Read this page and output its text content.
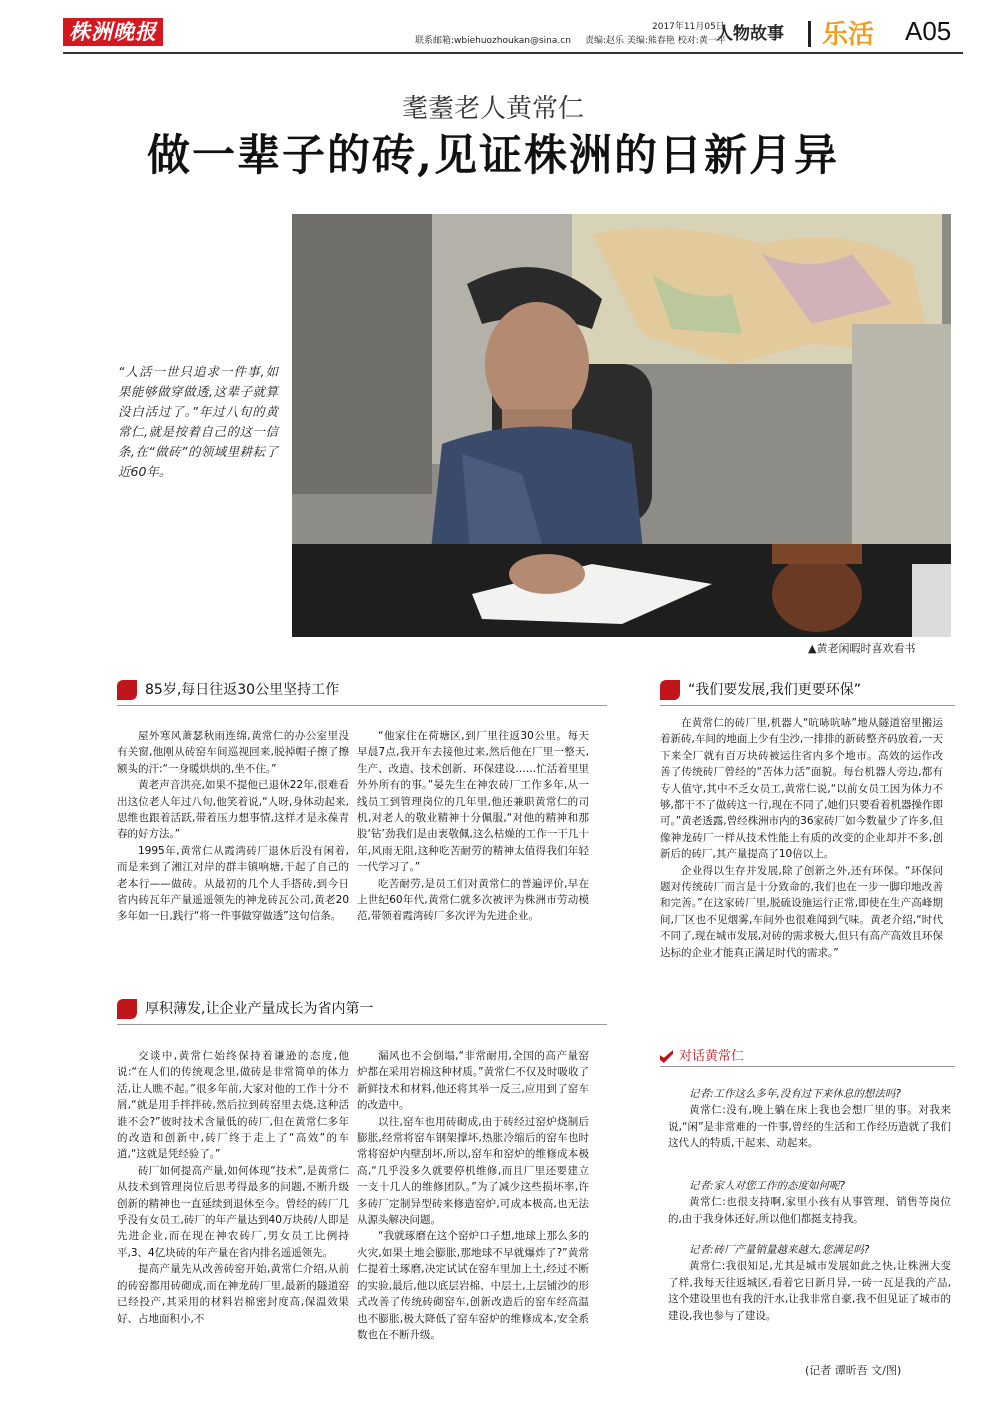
株洲晚报	联系邮箱:wbiehuozhoukan@sina.cn
2017年11月05日
责编:赵乐 美编:熊春艳 校对:黄一平
人物故事 乐活 A05
耄耋老人黄常仁
做一辈子的砖,见证株洲的日新月异
▲黄老闲暇时喜欢看书
“人活一世只追求一件事,如果能够做穿做透,这辈子就算没白活过了。”年过八旬的黄常仁,就是按着自己的这一信条,在“做砖”的领域里耕耘了近60年。
85岁,每日往返30公里坚持工作

屋外寒风萧瑟秋雨连绵,黄常仁的办公室里没有关窗,他刚从砖窑车间巡视回来,脱掉帽子擦了擦额头的汗:“一身暖烘烘的,坐不住。”

黄老声音洪亮,如果不提他已退休22年,很难看出这位老人年过八旬,他笑着说,“人呀,身体动起来,思维也跟着活跃,带着压力想事情,这样才是永葆青春的好方法。”

1995年,黄常仁从霞湾砖厂退休后没有闲着,而是来到了湘江对岸的群丰镇响塘,干起了自己的老本行——做砖。从最初的几个人手搭砖,到今日省内砖瓦年产量遥遥领先的神龙砖瓦公司,黄老20多年如一日,践行“将一件事做穿做透”这句信条。

“他家住在荷塘区,到厂里往返30公里。每天早晨7点,我开车去接他过来,然后他在厂里一整天,生产、改造、技术创新、环保建设……忙活着里里外外所有的事。”晏先生在神农砖厂工作多年,从一线员工到管理岗位的几年里,他还兼职黄常仁的司机,对老人的敬业精神十分佩服,“对他的精神和那股‘钻’劲我们是由衷敬佩,这么枯燥的工作一干几十年,风雨无阻,这种吃苦耐劳的精神太值得我们年轻一代学习了。”

吃苦耐劳,是员工们对黄常仁的普遍评价,早在上世纪60年代,黄常仁就多次被评为株洲市劳动模范,带领着霞湾砖厂多次评为先进企业。

“我们要发展,我们更要环保”

在黄常仁的砖厂里,机器人“吭哧吭哧”地从隧道窑里搬运着新砖,车间的地面上少有尘沙,一排排的新砖整齐码放着,一天下来全厂就有百万块砖被运往省内多个地市。高效的运作改善了传统砖厂曾经的“苦体力活”面貌。每台机器人旁边,都有专人值守,其中不乏女员工,黄常仁说,“以前女员工因为体力不够,都干不了做砖这一行,现在不同了,她们只要看着机器操作即可。”黄老透露,曾经株洲市内的36家砖厂如今数量少了许多,但像神龙砖厂一样从技术性能上有质的改变的企业却并不多,创新后的砖厂,其产量提高了10倍以上。

企业得以生存并发展,除了创新之外,还有环保。“环保问题对传统砖厂而言是十分致命的,我们也在一步一脚印地改善和完善。”在这家砖厂里,脱硫设施运行正常,即使在生产高峰期间,厂区也不见烟雾,车间外也很难闻到气味。黄老介绍,“时代不同了,现在城市发展,对砖的需求极大,但只有高产高效且环保达标的企业才能真正满足时代的需求。”

厚积薄发,让企业产量成长为省内第一

交谈中,黄常仁始终保持着谦逊的态度,他说:“在人们的传统观念里,做砖是非常简单的体力活,让人瞧不起。”很多年前,大家对他的工作十分不屑,“就是用手拌拌砖,然后拉到砖窑里去烧,这种活谁不会?”彼时技术含量低的砖厂,但在黄常仁多年的改造和创新中,砖厂终于走上了“高效”的车道,“这就是凭经验了。”

砖厂如何提高产量,如何体现“技术”,是黄常仁从技术到管理岗位后思考得最多的问题,不断升级创新的精神也一直延续到退休至今。曾经的砖厂几乎没有女员工,砖厂的年产量达到40万块砖/人即是先进企业,而在现在神农砖厂,男女员工比例持平,3、4亿块砖的年产量在省内排名遥遥领先。

提高产量先从改善砖窑开始,黄常仁介绍,从前的砖窑都用砖砌成,而在神龙砖厂里,最新的隧道窑已经投产,其采用的材料岩棉密封度高,保温效果好、占地面积小,不

漏风也不会倒塌,“非常耐用,全国的高产量窑炉都在采用岩棉这种材质。”黄常仁不仅及时吸收了新鲜技术和材料,他还将其举一反三,应用到了窑车的改造中。

以往,窑车也用砖砌成,由于砖经过窑炉烧制后膨胀,经常将窑车钢架撑坏,热胀冷缩后的窑车也时常将窑炉内壁刮坏,所以,窑车和窑炉的维修成本极高,“几乎没多久就要停机维修,而且厂里还要建立一支十几人的维修团队。”为了减少这些损坏率,许多砖厂定制异型砖来修造窑炉,可成本极高,也无法从源头解决问题。

“我就琢磨在这个窑炉口子想,地球上那么多的火灾,如果土地会膨胀,那地球不早就爆炸了?”黄常仁提着土琢磨,决定试试在窑车里加上土,经过不断的实验,最后,他以底层岩棉、中层土,上层铺沙的形式改善了传统砖砌窑车,创新改造后的窑车经高温也不膨胀,极大降低了窑车窑炉的维修成本,安全系数也在不断升级。

对话黄常仁

记者:工作这么多年,没有过下来休息的想法吗?

黄常仁:没有,晚上躺在床上我也会想厂里的事。对我来说,“闲”是非常难的一件事,曾经的生活和工作经历造就了我们这代人的特质,干起来、动起来。

记者:家人对您工作的态度如何呢?

黄常仁:也很支持啊,家里小孩有从事管理、销售等岗位的,由于我身体还好,所以他们都挺支持我。

记者:砖厂产量销量越来越大,您满足吗?

黄常仁:我很知足,尤其是城市发展如此之快,让株洲大变了样,我每天往返城区,看着它日新月异,一砖一瓦是我的产品,这个建设里也有我的汗水,让我非常自豪,我不但见证了城市的建设,我也参与了建设。

(记者 谭昕吾 文/图)
